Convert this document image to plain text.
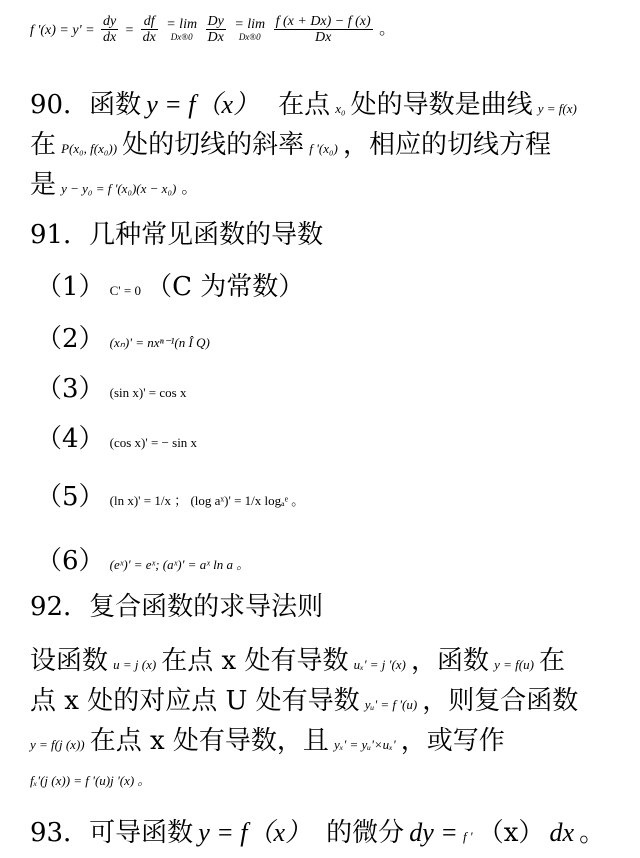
f '$(x) = y' = \frac{dy}{dx} = \frac{df}{dx}$
= lim
Dx®0
$\frac{Dy}{Dx}$
= lim
Dx®0
$\frac{f (x + Dx) - f (x)}{Dx}$ 。
90．函数 y = f（x） 在点 x₀ 处的导数是曲线 y = f(x)
在 P(x₀, f(x₀)) 处的切线的斜率 f '(x₀) ，相应的切线方程
是 y − y₀ = f '(x₀)(x − x₀) 。
91．几种常见函数的导数
（1） C' = 0 （C 为常数）
（2） (xₙ)' = nxⁿ⁻¹(n Î Q)
（3） (sin x)' = cos x
（4） (cos x)' = − sin x
（5） (ln x)' = 1/x ； (log aˣ)' = 1/x logₐᵉ 。
（6） (eˣ)' = eˣ; (aˣ)' = aˣ ln a 。
92．复合函数的求导法则
设函数 u = j (x) 在点 x 处有导数 uₓ' = j '(x) ，函数 y = f(u) 在
点 x 处的对应点 U 处有导数 yᵤ' = f '(u) ，则复合函数
y = f(j (x)) 在点 x 处有导数，且 yₓ' = yᵤ'×uₓ' ，或写作
fₓ'(j (x)) = f '(u)j '(x) 。
93．可导函数 y = f（x） 的微分 dy = f ' （x） dx 。
